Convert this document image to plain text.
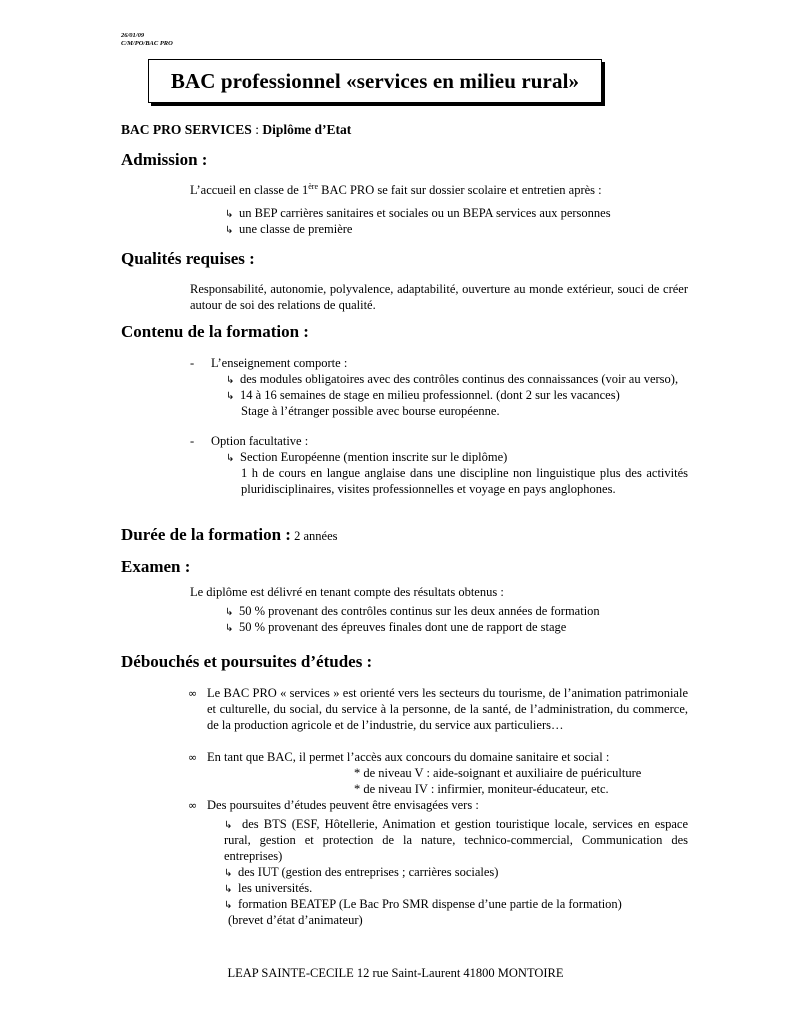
26/01/09
C/M/PO/BAC PRO
BAC professionnel «services en milieu rural»
BAC PRO SERVICES : Diplôme d’Etat
Admission :
L’accueil en classe de 1ère BAC PRO se fait sur dossier scolaire et entretien après :
↳ un BEP carrières sanitaires et sociales ou un BEPA services aux personnes
↳ une classe de première
Qualités requises :
Responsabilité, autonomie, polyvalence, adaptabilité, ouverture au monde extérieur, souci de créer autour de soi des relations de qualité.
Contenu de la formation :
- L’enseignement comporte :
↳ des modules obligatoires avec des contrôles continus des connaissances (voir au verso),
↳ 14 à 16 semaines de stage en milieu professionnel. (dont 2 sur les vacances)
Stage à l’étranger possible avec bourse européenne.
- Option facultative :
↳ Section Européenne (mention inscrite sur le diplôme)
1 h de cours en langue anglaise dans une discipline non linguistique plus des activités pluridisciplinaires, visites professionnelles et voyage en pays anglophones.
Durée de la formation : 2 années
Examen :
Le diplôme est délivré en tenant compte des résultats obtenus :
↳ 50 % provenant des contrôles continus sur les deux années de formation
↳ 50 % provenant des épreuves finales dont une de rapport de stage
Débouchés et poursuites d’études :
∞ Le BAC PRO « services » est orienté vers les secteurs du tourisme, de l’animation patrimoniale et culturelle, du social, du service à la personne, de la santé, de l’administration, du commerce, de la production agricole et de l’industrie, du service aux particuliers…
∞ En tant que BAC, il permet l’accès aux concours du domaine sanitaire et social :
* de niveau V : aide-soignant et auxiliaire de puériculture
* de niveau IV : infirmier, moniteur-éducateur, etc.
∞ Des poursuites d’études peuvent être envisagées vers :
↳ des BTS (ESF, Hôtellerie, Animation et gestion touristique locale, services en espace rural, gestion et protection de la nature, technico-commercial, Communication des entreprises)
↳ des IUT (gestion des entreprises ; carrières sociales)
↳ les universités.
↳ formation BEATEP (Le Bac Pro SMR dispense d’une partie de la formation)
(brevet d’état d’animateur)
LEAP SAINTE-CECILE 12 rue Saint-Laurent 41800 MONTOIRE
